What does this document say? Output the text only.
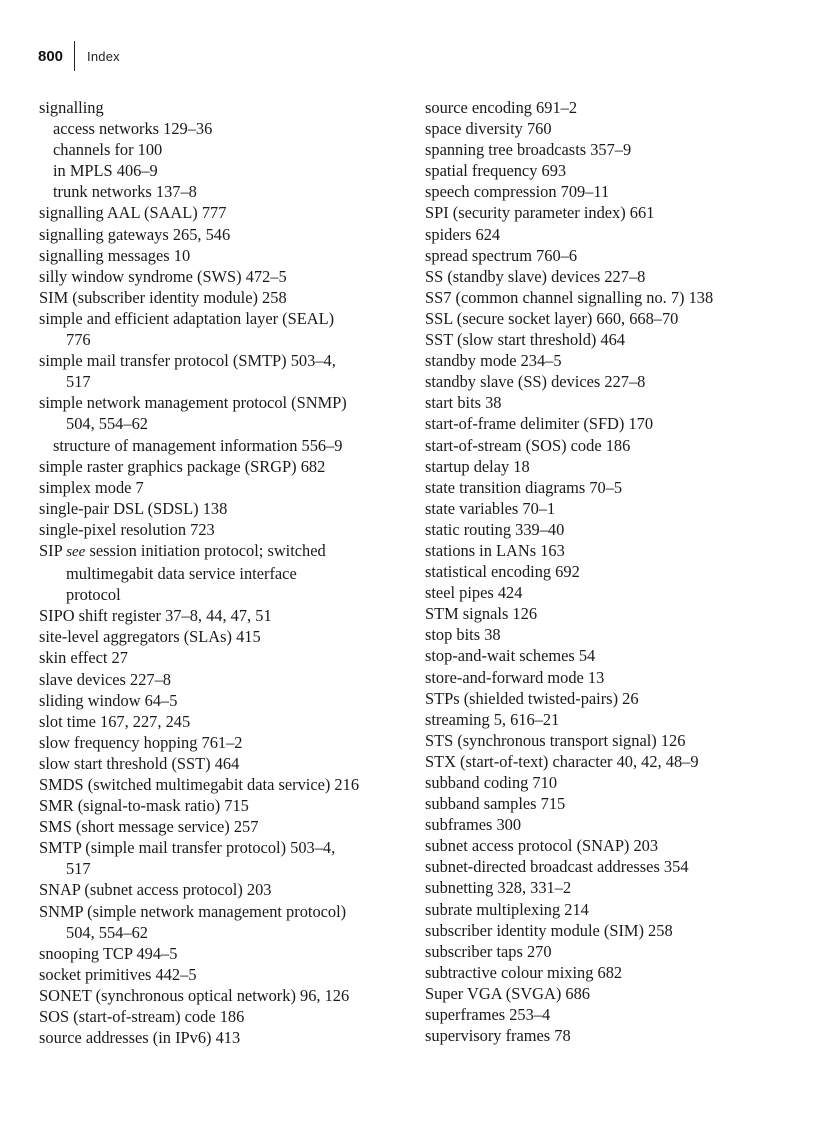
800 Index
signalling
access networks 129–36
channels for 100
in MPLS 406–9
trunk networks 137–8
signalling AAL (SAAL) 777
signalling gateways 265, 546
signalling messages 10
silly window syndrome (SWS) 472–5
SIM (subscriber identity module) 258
simple and efficient adaptation layer (SEAL)
776
simple mail transfer protocol (SMTP) 503–4,
517
simple network management protocol (SNMP)
504, 554–62
structure of management information 556–9
simple raster graphics package (SRGP) 682
simplex mode 7
single-pair DSL (SDSL) 138
single-pixel resolution 723
SIP see session initiation protocol; switched
multimegabit data service interface
protocol
SIPO shift register 37–8, 44, 47, 51
site-level aggregators (SLAs) 415
skin effect 27
slave devices 227–8
sliding window 64–5
slot time 167, 227, 245
slow frequency hopping 761–2
slow start threshold (SST) 464
SMDS (switched multimegabit data service) 216
SMR (signal-to-mask ratio) 715
SMS (short message service) 257
SMTP (simple mail transfer protocol) 503–4,
517
SNAP (subnet access protocol) 203
SNMP (simple network management protocol)
504, 554–62
snooping TCP 494–5
socket primitives 442–5
SONET (synchronous optical network) 96, 126
SOS (start-of-stream) code 186
source addresses (in IPv6) 413
source encoding 691–2
space diversity 760
spanning tree broadcasts 357–9
spatial frequency 693
speech compression 709–11
SPI (security parameter index) 661
spiders 624
spread spectrum 760–6
SS (standby slave) devices 227–8
SS7 (common channel signalling no. 7) 138
SSL (secure socket layer) 660, 668–70
SST (slow start threshold) 464
standby mode 234–5
standby slave (SS) devices 227–8
start bits 38
start-of-frame delimiter (SFD) 170
start-of-stream (SOS) code 186
startup delay 18
state transition diagrams 70–5
state variables 70–1
static routing 339–40
stations in LANs 163
statistical encoding 692
steel pipes 424
STM signals 126
stop bits 38
stop-and-wait schemes 54
store-and-forward mode 13
STPs (shielded twisted-pairs) 26
streaming 5, 616–21
STS (synchronous transport signal) 126
STX (start-of-text) character 40, 42, 48–9
subband coding 710
subband samples 715
subframes 300
subnet access protocol (SNAP) 203
subnet-directed broadcast addresses 354
subnetting 328, 331–2
subrate multiplexing 214
subscriber identity module (SIM) 258
subscriber taps 270
subtractive colour mixing 682
Super VGA (SVGA) 686
superframes 253–4
supervisory frames 78
